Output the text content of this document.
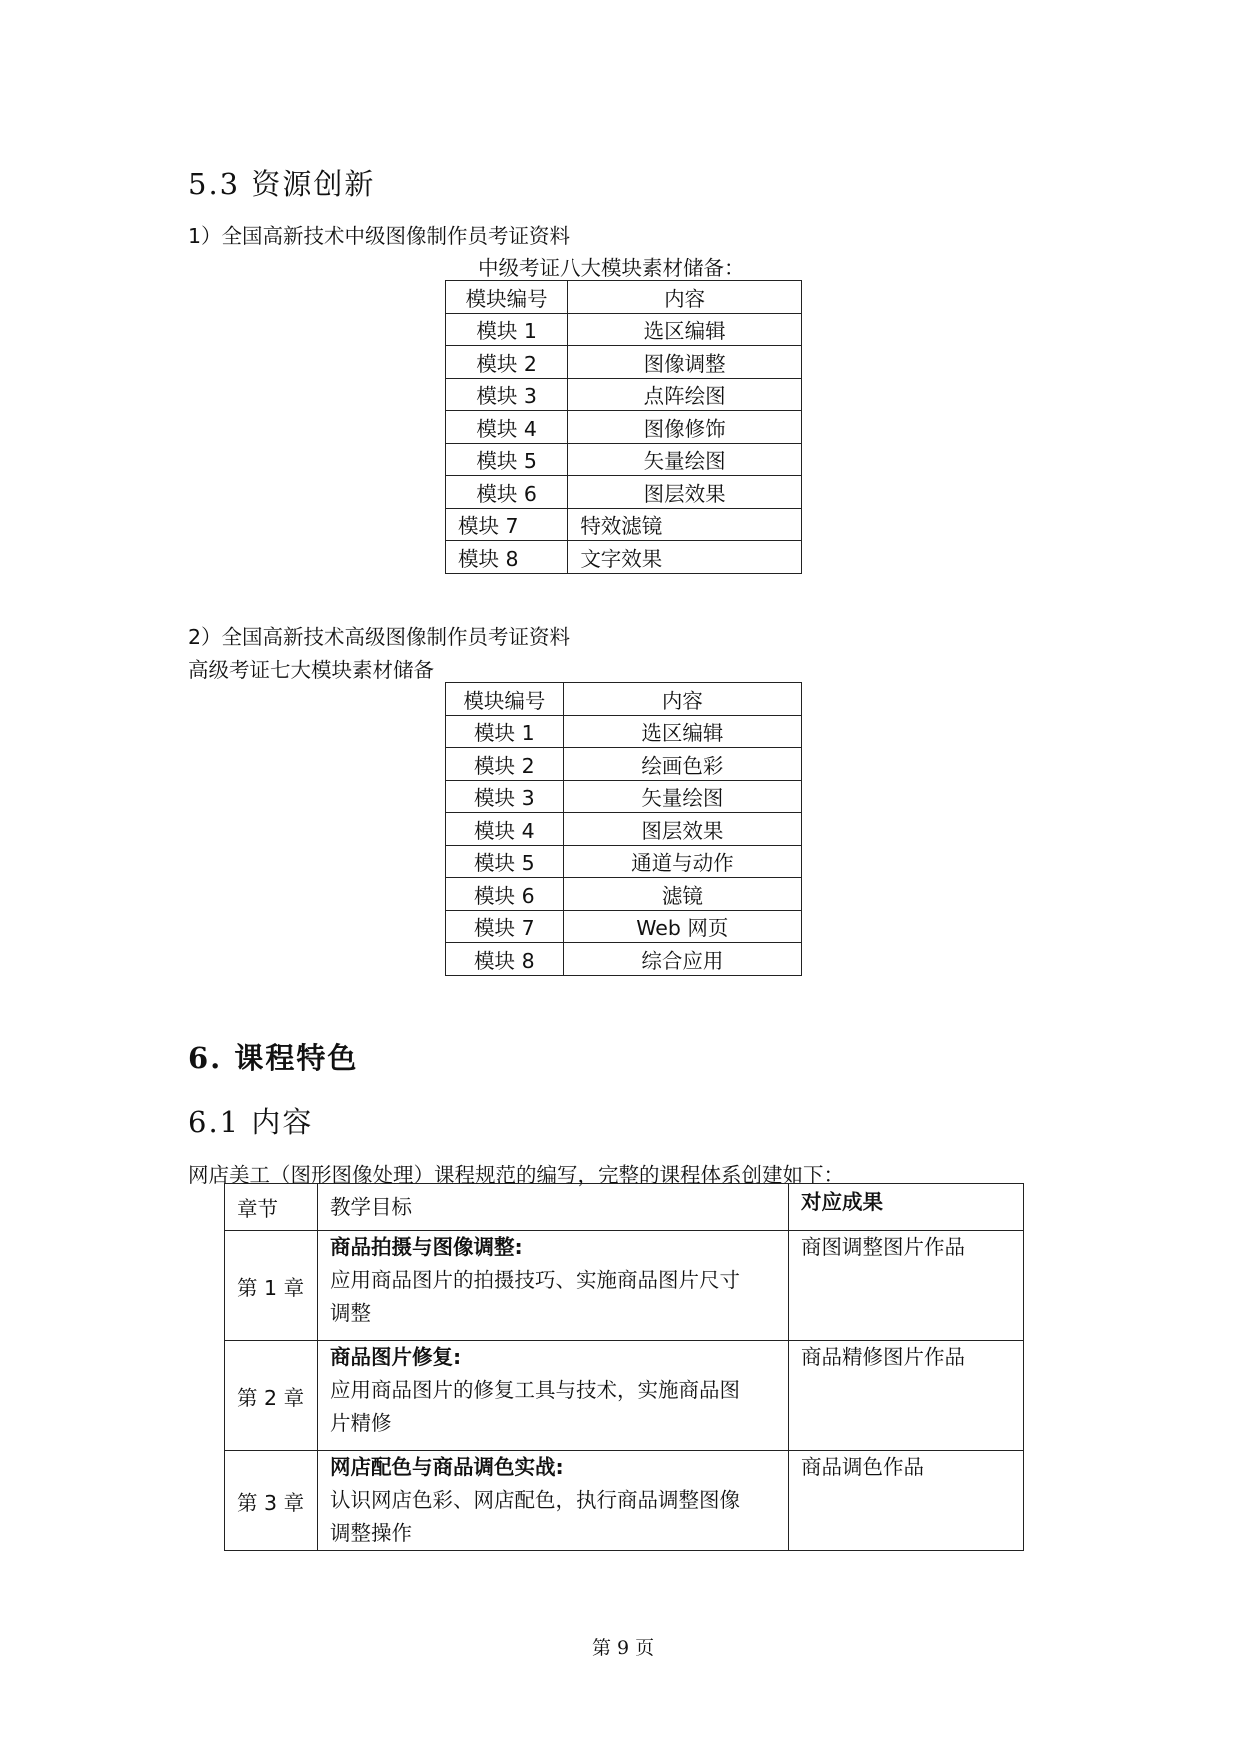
5.3 资源创新
1）全国高新技术中级图像制作员考证资料
中级考证八大模块素材储备：
模块编号	内容
模块 1	选区编辑
模块 2	图像调整
模块 3	点阵绘图
模块 4	图像修饰
模块 5	矢量绘图
模块 6	图层效果
模块 7	特效滤镜
模块 8	文字效果
2）全国高新技术高级图像制作员考证资料
高级考证七大模块素材储备
模块编号	内容
模块 1	选区编辑
模块 2	绘画色彩
模块 3	矢量绘图
模块 4	图层效果
模块 5	通道与动作
模块 6	滤镜
模块 7	Web 网页
模块 8	综合应用
6. 课程特色
6.1 内容
网店美工（图形图像处理）课程规范的编写，完整的课程体系创建如下：
章节	教学目标	对应成果
第 1 章	商品拍摄与图像调整:
应用商品图片的拍摄技巧、实施商品图片尺寸
调整	商图调整图片作品
第 2 章	商品图片修复:
应用商品图片的修复工具与技术，实施商品图
片精修	商品精修图片作品
第 3 章	网店配色与商品调色实战:
认识网店色彩、网店配色，执行商品调整图像
调整操作	商品调色作品
第 9 页
